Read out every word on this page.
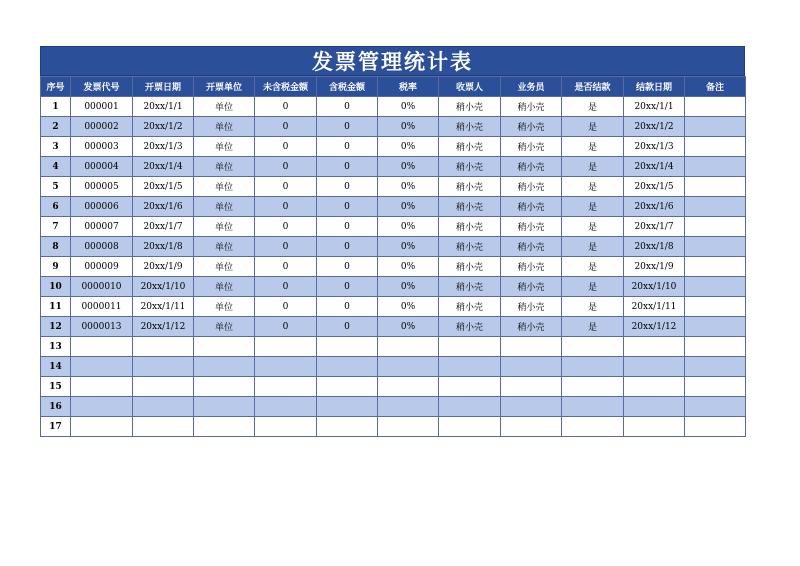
发票管理统计表
序号	发票代号	开票日期	开票单位	未含税金额	含税金额	税率	收票人	业务员	是否结款	结款日期	备注
1	000001	20xx/1/1	单位	0	0	0%	稍小壳	稍小壳	是	20xx/1/1	
2	000002	20xx/1/2	单位	0	0	0%	稍小壳	稍小壳	是	20xx/1/2	
3	000003	20xx/1/3	单位	0	0	0%	稍小壳	稍小壳	是	20xx/1/3	
4	000004	20xx/1/4	单位	0	0	0%	稍小壳	稍小壳	是	20xx/1/4	
5	000005	20xx/1/5	单位	0	0	0%	稍小壳	稍小壳	是	20xx/1/5	
6	000006	20xx/1/6	单位	0	0	0%	稍小壳	稍小壳	是	20xx/1/6	
7	000007	20xx/1/7	单位	0	0	0%	稍小壳	稍小壳	是	20xx/1/7	
8	000008	20xx/1/8	单位	0	0	0%	稍小壳	稍小壳	是	20xx/1/8	
9	000009	20xx/1/9	单位	0	0	0%	稍小壳	稍小壳	是	20xx/1/9	
10	0000010	20xx/1/10	单位	0	0	0%	稍小壳	稍小壳	是	20xx/1/10	
11	0000011	20xx/1/11	单位	0	0	0%	稍小壳	稍小壳	是	20xx/1/11	
12	0000013	20xx/1/12	单位	0	0	0%	稍小壳	稍小壳	是	20xx/1/12	
13											
14											
15											
16											
17											
